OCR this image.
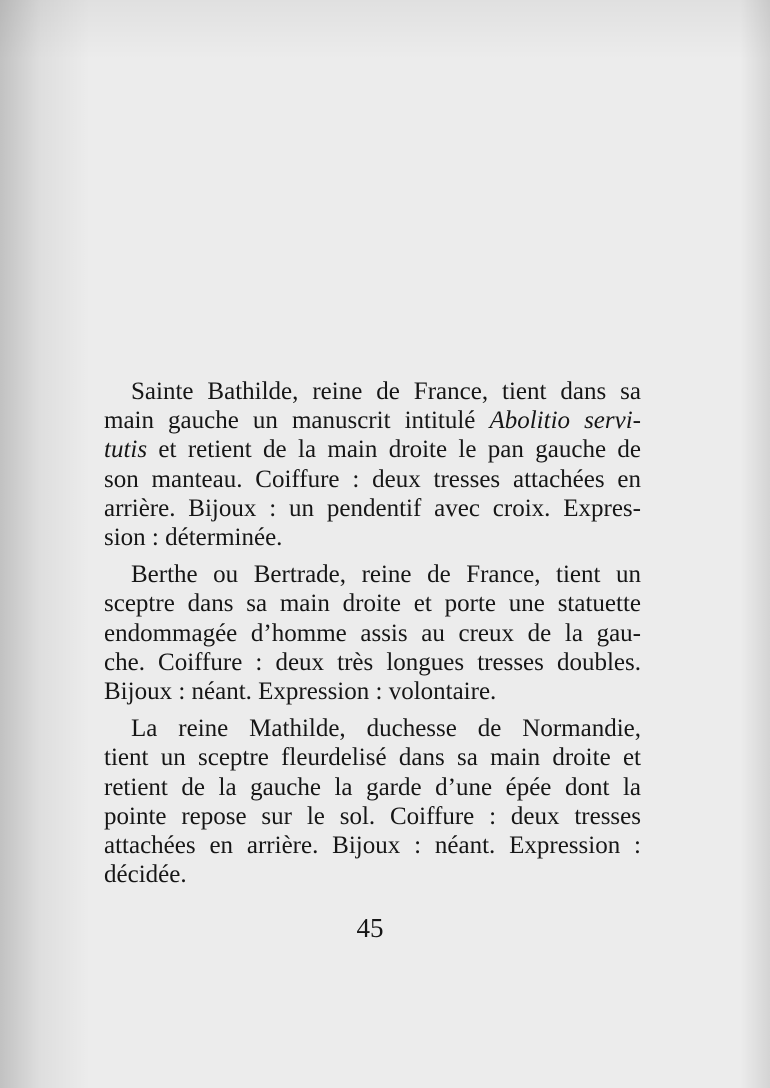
Sainte Bathilde, reine de France, tient dans sa
main gauche un manuscrit intitulé Abolitio servi-
tutis et retient de la main droite le pan gauche de
son manteau. Coiffure : deux tresses attachées en
arrière. Bijoux : un pendentif avec croix. Expres-
sion : déterminée.
Berthe ou Bertrade, reine de France, tient un
sceptre dans sa main droite et porte une statuette
endommagée d’homme assis au creux de la gau-
che. Coiffure : deux très longues tresses doubles.
Bijoux : néant. Expression : volontaire.
La reine Mathilde, duchesse de Normandie,
tient un sceptre fleurdelisé dans sa main droite et
retient de la gauche la garde d’une épée dont la
pointe repose sur le sol. Coiffure : deux tresses
attachées en arrière. Bijoux : néant. Expression :
décidée.
45
